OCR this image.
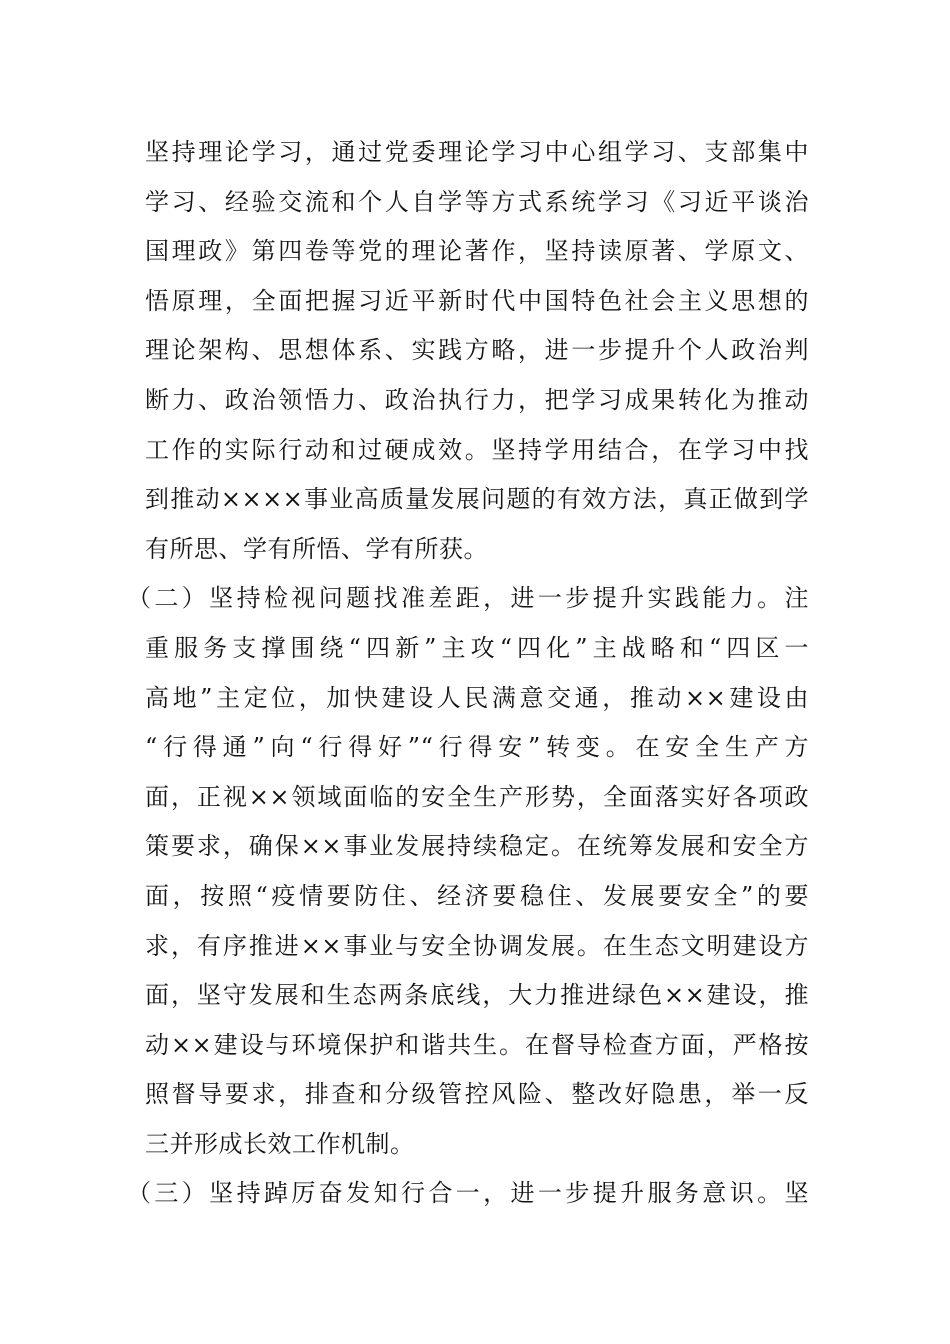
坚持理论学习，通过党委理论学习中心组学习、支部集中
学习、经验交流和个人自学等方式系统学习《习近平谈治
国理政》第四卷等党的理论著作，坚持读原著、学原文、
悟原理，全面把握习近平新时代中国特色社会主义思想的
理论架构、思想体系、实践方略，进一步提升个人政治判
断力、政治领悟力、政治执行力，把学习成果转化为推动
工作的实际行动和过硬成效。坚持学用结合，在学习中找
到推动××××事业高质量发展问题的有效方法，真正做到学
有所思、学有所悟、学有所获。
（二）坚持检视问题找准差距，进一步提升实践能力。注
重服务支撑围绕“四新”主攻“四化”主战略和“四区一
高地”主定位，加快建设人民满意交通，推动××建设由
“行得通”向“行得好”“行得安”转变。在安全生产方
面，正视××领域面临的安全生产形势，全面落实好各项政
策要求，确保××事业发展持续稳定。在统筹发展和安全方
面，按照“疫情要防住、经济要稳住、发展要安全”的要
求，有序推进××事业与安全协调发展。在生态文明建设方
面，坚守发展和生态两条底线，大力推进绿色××建设，推
动××建设与环境保护和谐共生。在督导检查方面，严格按
照督导要求，排查和分级管控风险、整改好隐患，举一反
三并形成长效工作机制。
（三）坚持踔厉奋发知行合一，进一步提升服务意识。坚
